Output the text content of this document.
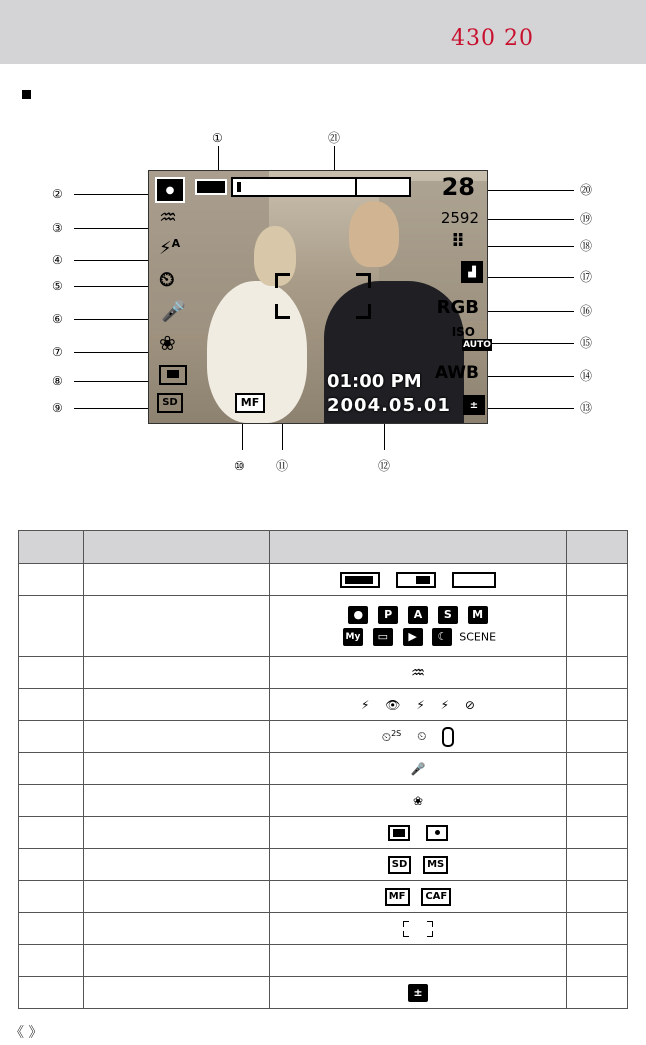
430 20
①	㉑
②
③
④
⑤
⑥
⑦
⑧
⑨
⑩	⑪	⑫
⑬
⑭
⑮
⑯
⑰
⑱
⑲
⑳
●	28
2592
⠿
▟
RGB
ISO
AUTO
AWB
±
♒
⚡$^A$
⏲
🎤
❀
SD	MF
01:00 PM
2004.05.01

		● P A S M
My ▭ ▶ ☾ SCENE	

		♒	
		⚡ 👁 ⚡ ⚡ ⊘	
		⏲$^{2S}$ ⏲	
		🎤	
		❀	

		SD MS	
		MF CAF	

		±	
《 》
